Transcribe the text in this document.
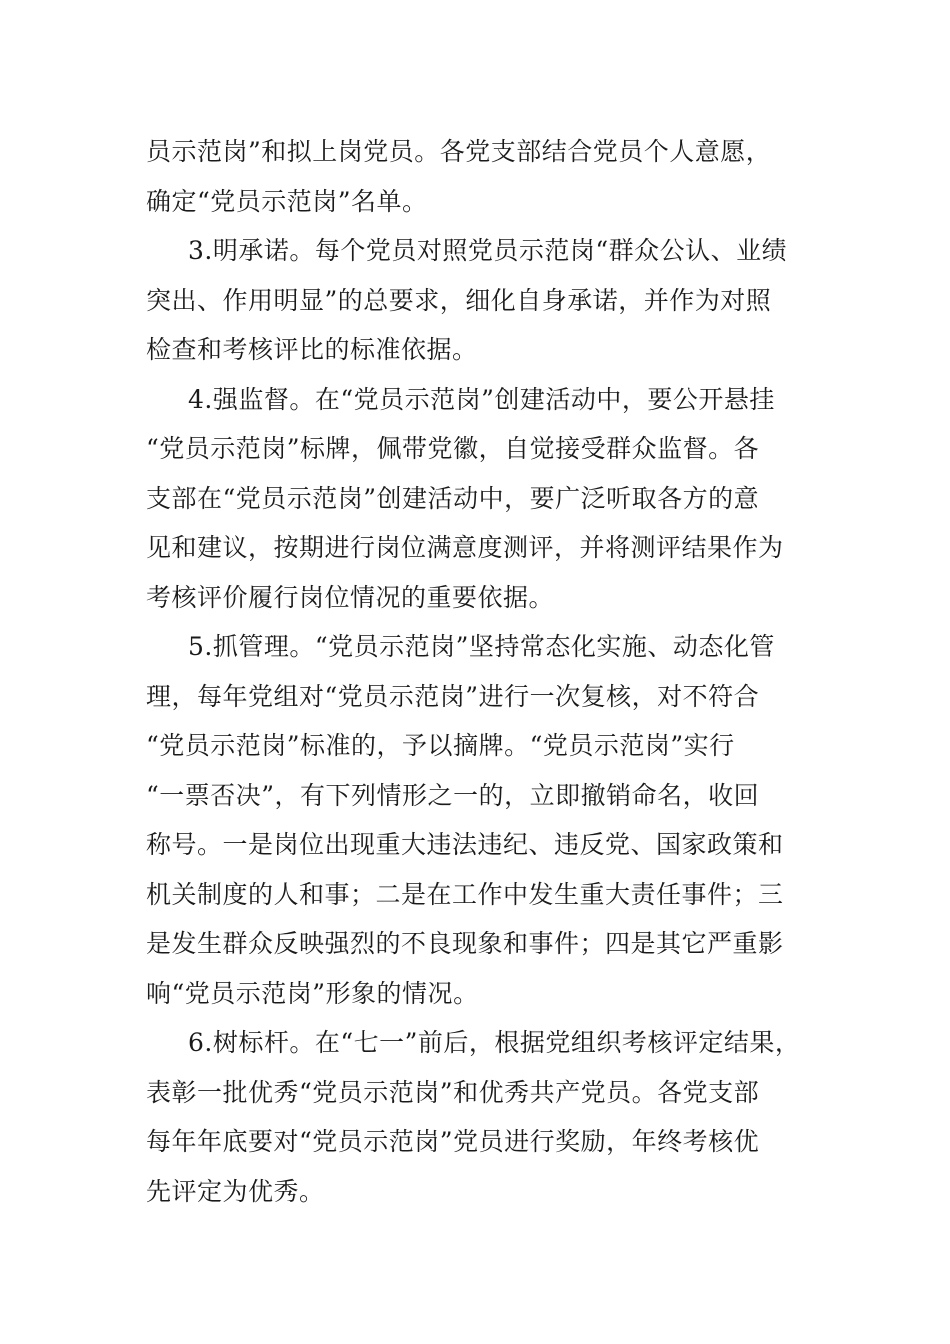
员示范岗”和拟上岗党员。各党支部结合党员个人意愿，
确定“党员示范岗”名单。

3.明承诺。每个党员对照党员示范岗“群众公认、业绩
突出、作用明显”的总要求，细化自身承诺，并作为对照
检查和考核评比的标准依据。

4.强监督。在“党员示范岗”创建活动中，要公开悬挂
“党员示范岗”标牌，佩带党徽，自觉接受群众监督。各
支部在“党员示范岗”创建活动中，要广泛听取各方的意
见和建议，按期进行岗位满意度测评，并将测评结果作为
考核评价履行岗位情况的重要依据。

5.抓管理。“党员示范岗”坚持常态化实施、动态化管
理，每年党组对“党员示范岗”进行一次复核，对不符合
“党员示范岗”标准的，予以摘牌。“党员示范岗”实行
“一票否决”，有下列情形之一的，立即撤销命名，收回
称号。一是岗位出现重大违法违纪、违反党、国家政策和
机关制度的人和事；二是在工作中发生重大责任事件；三
是发生群众反映强烈的不良现象和事件；四是其它严重影
响“党员示范岗”形象的情况。

6.树标杆。在“七一”前后，根据党组织考核评定结果，
表彰一批优秀“党员示范岗”和优秀共产党员。各党支部
每年年底要对“党员示范岗”党员进行奖励，年终考核优
先评定为优秀。
